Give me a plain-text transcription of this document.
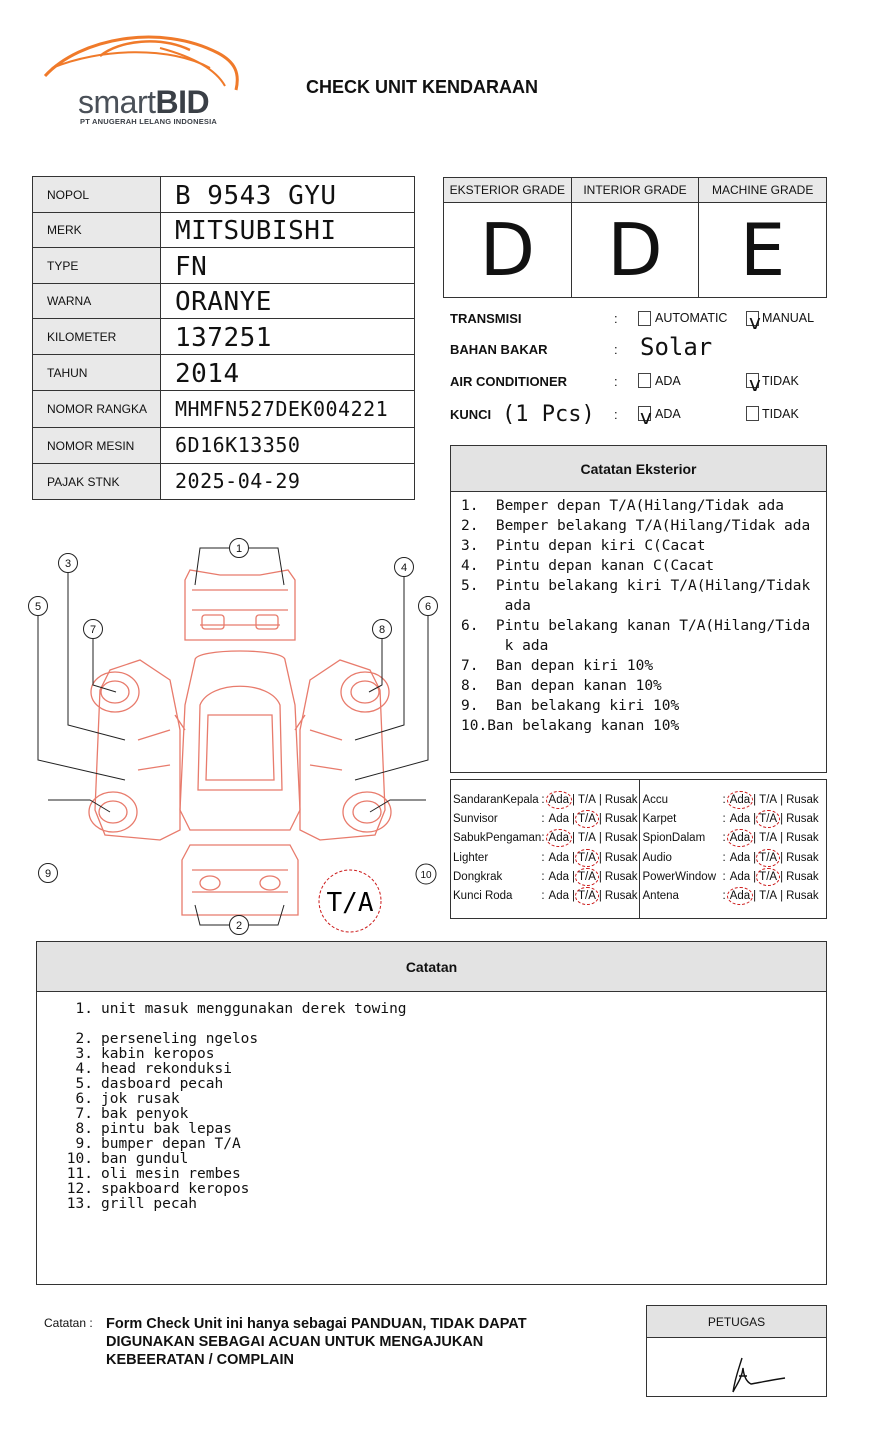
smartBID
PT ANUGERAH LELANG INDONESIA
CHECK UNIT KENDARAAN
NOPOL	B 9543 GYU
MERK	MITSUBISHI
TYPE	FN
WARNA	ORANYE
KILOMETER	137251
TAHUN	2014
NOMOR RANGKA	MHMFN527DEK004221
NOMOR MESIN	6D16K13350
PAJAK STNK	2025-04-29
EKSTERIOR GRADE
D
INTERIOR GRADE
D
MACHINE GRADE
E
TRANSMISI	:	AUTOMATIC v MANUAL
BAHAN BAKAR	: Solar
AIR CONDITIONER	:	ADA	v TIDAK
KUNCI (1 Pcs) : v ADA	TIDAK
Catatan Eksterior
1.  Bemper depan T/A(Hilang/Tidak ada
2.  Bemper belakang T/A(Hilang/Tidak ada
3.  Pintu depan kiri C(Cacat
4.  Pintu depan kanan C(Cacat
5.  Pintu belakang kiri T/A(Hilang/Tidak
ada
6.  Pintu belakang kanan T/A(Hilang/Tida
k ada
7.  Ban depan kiri 10%
8.  Ban depan kanan 10%
9.  Ban belakang kiri 10%
10.Ban belakang kanan 10%
SandaranKepala : Ada | T/A | Rusak
Sunvisor	: Ada | T/A | Rusak
SabukPengaman : Ada | T/A | Rusak
Lighter	: Ada | T/A | Rusak
Dongkrak	: Ada | T/A | Rusak
Kunci Roda	: Ada | T/A | Rusak
Accu	: Ada | T/A | Rusak
Karpet	: Ada | T/A | Rusak
SpionDalam	: Ada | T/A | Rusak
Audio	: Ada | T/A | Rusak
PowerWindow : Ada | T/A | Rusak
Antena	: Ada | T/A | Rusak
1
2
3	4
5	6
7	8
9	10
T/A
Catatan
1. unit masuk menggunakan derek towing
2. perseneling ngelos
3. kabin keropos
4. head rekonduksi
5. dasboard pecah
6. jok rusak
7. bak penyok
8. pintu bak lepas
9. bumper depan T/A
10. ban gundul
11. oli mesin rembes
12. spakboard keropos
13. grill pecah
Catatan : Form Check Unit ini hanya sebagai PANDUAN, TIDAK DAPAT DIGUNAKAN SEBAGAI ACUAN UNTUK MENGAJUKAN KEBEERATAN / COMPLAIN
PETUGAS
